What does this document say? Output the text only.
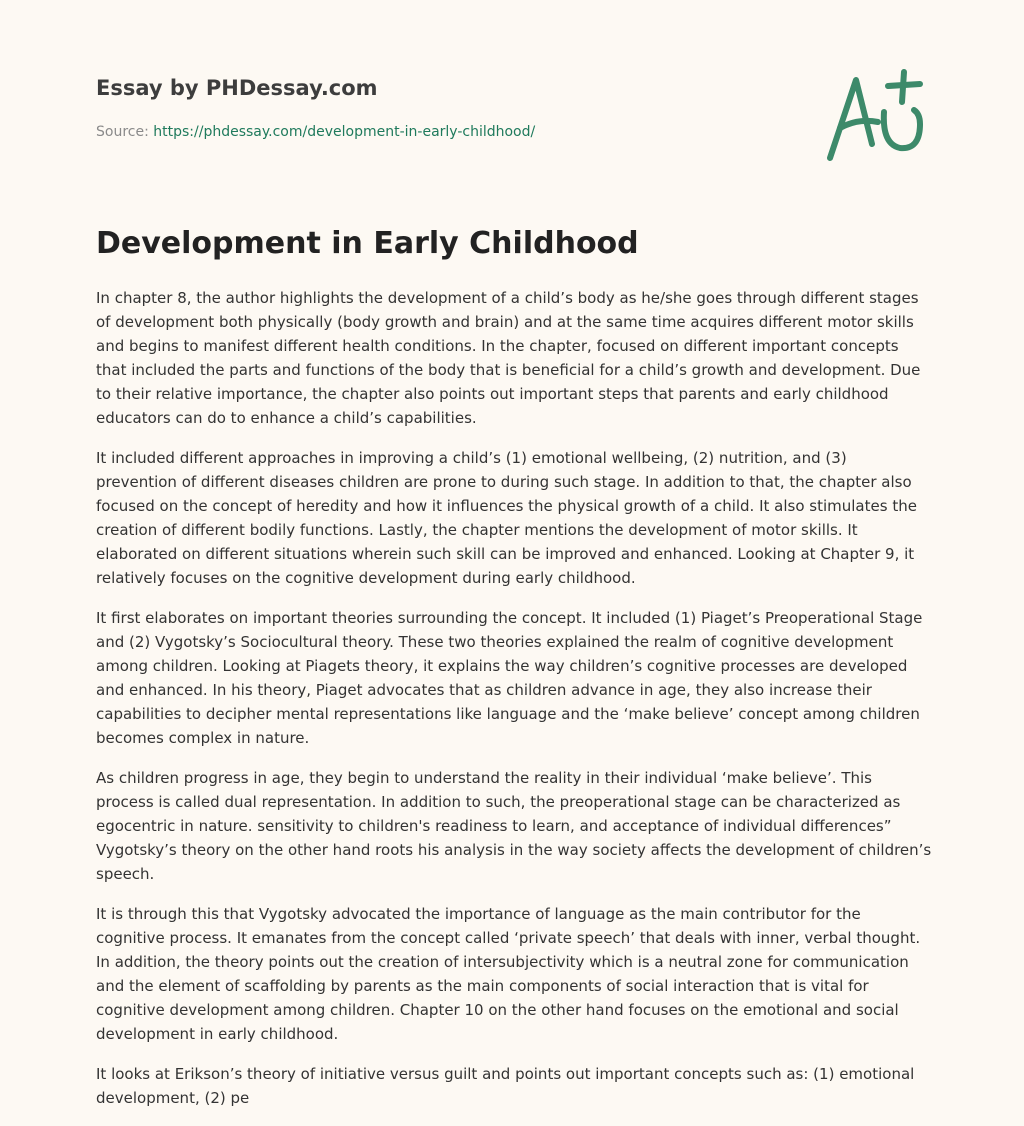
Essay by PHDessay.com
Source: https://phdessay.com/development-in-early-childhood/
Development in Early Childhood

In chapter 8, the author highlights the development of a child’s body as he/she goes through different stages of development both physically (body growth and brain) and at the same time acquires different motor skills and begins to manifest different health conditions. In the chapter, focused on different important concepts that included the parts and functions of the body that is beneficial for a child’s growth and development. Due to their relative importance, the chapter also points out important steps that parents and early childhood educators can do to enhance a child’s capabilities.

It included different approaches in improving a child’s (1) emotional wellbeing, (2) nutrition, and (3) prevention of different diseases children are prone to during such stage. In addition to that, the chapter also focused on the concept of heredity and how it influences the physical growth of a child. It also stimulates the creation of different bodily functions. Lastly, the chapter mentions the development of motor skills. It elaborated on different situations wherein such skill can be improved and enhanced. Looking at Chapter 9, it relatively focuses on the cognitive development during early childhood.

It first elaborates on important theories surrounding the concept. It included (1) Piaget’s Preoperational Stage and (2) Vygotsky’s Sociocultural theory. These two theories explained the realm of cognitive development among children. Looking at Piagets theory, it explains the way children’s cognitive processes are developed and enhanced. In his theory, Piaget advocates that as children advance in age, they also increase their capabilities to decipher mental representations like language and the ‘make believe’ concept among children becomes complex in nature.

As children progress in age, they begin to understand the reality in their individual ‘make believe’. This process is called dual representation. In addition to such, the preoperational stage can be characterized as egocentric in nature. sensitivity to children's readiness to learn, and acceptance of individual differences” Vygotsky’s theory on the other hand roots his analysis in the way society affects the development of children’s speech.

It is through this that Vygotsky advocated the importance of language as the main contributor for the cognitive process. It emanates from the concept called ‘private speech’ that deals with inner, verbal thought. In addition, the theory points out the creation of intersubjectivity which is a neutral zone for communication and the element of scaffolding by parents as the main components of social interaction that is vital for cognitive development among children. Chapter 10 on the other hand focuses on the emotional and social development in early childhood.

It looks at Erikson’s theory of initiative versus guilt and points out important concepts such as: (1) emotional development, (2) pe
